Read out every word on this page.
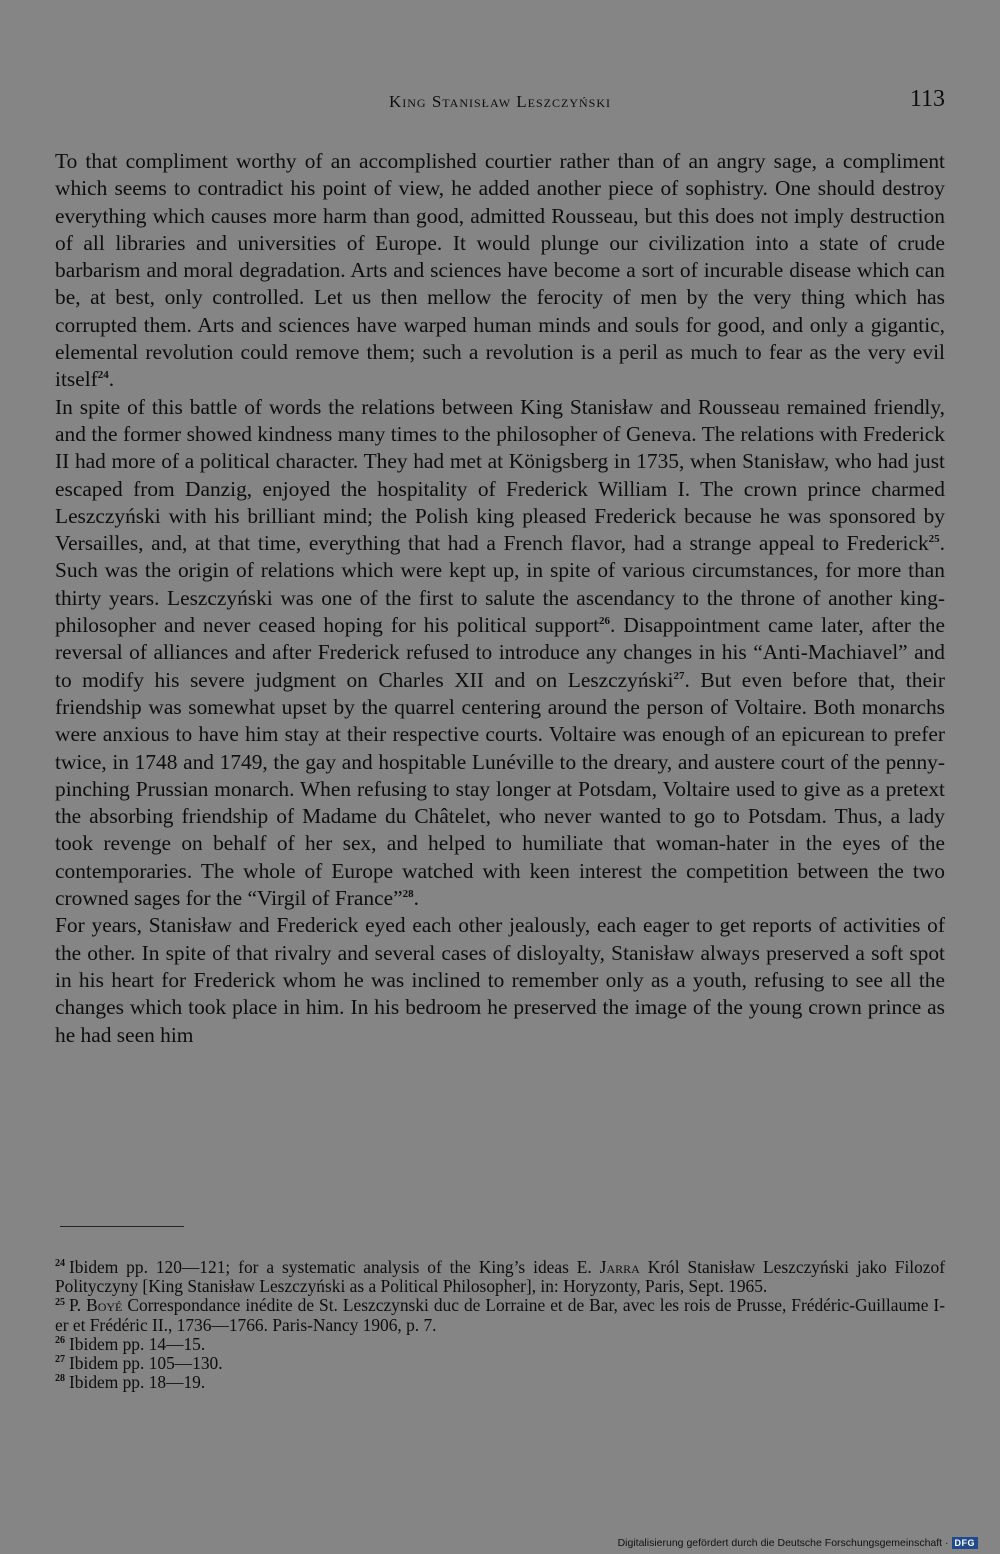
King Stanisław Leszczyński	113

To that compliment worthy of an accomplished courtier rather than of an angry sage, a compliment which seems to contradict his point of view, he added another piece of sophistry. One should destroy everything which causes more harm than good, admitted Rousseau, but this does not imply destruction of all libraries and universities of Europe. It would plunge our civilization into a state of crude barbarism and moral degradation. Arts and sciences have become a sort of incurable disease which can be, at best, only controlled. Let us then mellow the ferocity of men by the very thing which has corrupted them. Arts and sciences have warped human minds and souls for good, and only a gigantic, elemental revolution could remove them; such a revolution is a peril as much to fear as the very evil itself$^{24}$.

In spite of this battle of words the relations between King Stanisław and Rousseau remained friendly, and the former showed kindness many times to the philosopher of Geneva. The relations with Frederick II had more of a political character. They had met at Königsberg in 1735, when Stanisław, who had just escaped from Danzig, enjoyed the hospitality of Frederick William I. The crown prince charmed Leszczyński with his brilliant mind; the Polish king pleased Frederick because he was sponsored by Versailles, and, at that time, everything that had a French flavor, had a strange appeal to Frederick$^{25}$. Such was the origin of relations which were kept up, in spite of various circumstances, for more than thirty years. Leszczyński was one of the first to salute the ascendancy to the throne of another king-philosopher and never ceased hoping for his political support$^{26}$. Disappointment came later, after the reversal of alliances and after Frederick refused to introduce any changes in his “Anti-Machiavel” and to modify his severe judgment on Charles XII and on Leszczyński$^{27}$. But even before that, their friendship was somewhat upset by the quarrel centering around the person of Voltaire. Both monarchs were anxious to have him stay at their respective courts. Voltaire was enough of an epicurean to prefer twice, in 1748 and 1749, the gay and hospitable Lunéville to the dreary, and austere court of the penny-pinching Prussian monarch. When refusing to stay longer at Potsdam, Voltaire used to give as a pretext the absorbing friendship of Madame du Châtelet, who never wanted to go to Potsdam. Thus, a lady took revenge on behalf of her sex, and helped to humiliate that woman-hater in the eyes of the contemporaries. The whole of Europe watched with keen interest the competition between the two crowned sages for the “Virgil of France”$^{28}$.

For years, Stanisław and Frederick eyed each other jealously, each eager to get reports of activities of the other. In spite of that rivalry and several cases of disloyalty, Stanisław always preserved a soft spot in his heart for Frederick whom he was inclined to remember only as a youth, refusing to see all the changes which took place in him. In his bedroom he preserved the image of the young crown prince as he had seen him

$^{24}$ Ibidem pp. 120—121; for a systematic analysis of the King’s ideas E. Jarra Król Stanisław Leszczyński jako Filozof Polityczyny [King Stanisław Leszczyński as a Political Philosopher], in: Horyzonty, Paris, Sept. 1965.

$^{25}$ P. Boyé Correspondance inédite de St. Leszczynski duc de Lorraine et de Bar, avec les rois de Prusse, Frédéric-Guillaume I-er et Frédéric II., 1736—1766. Paris-Nancy 1906, p. 7.

$^{26}$ Ibidem pp. 14—15.

$^{27}$ Ibidem pp. 105—130.

$^{28}$ Ibidem pp. 18—19.

Digitalisierung gefördert durch die Deutsche Forschungsgemeinschaft · DFG
